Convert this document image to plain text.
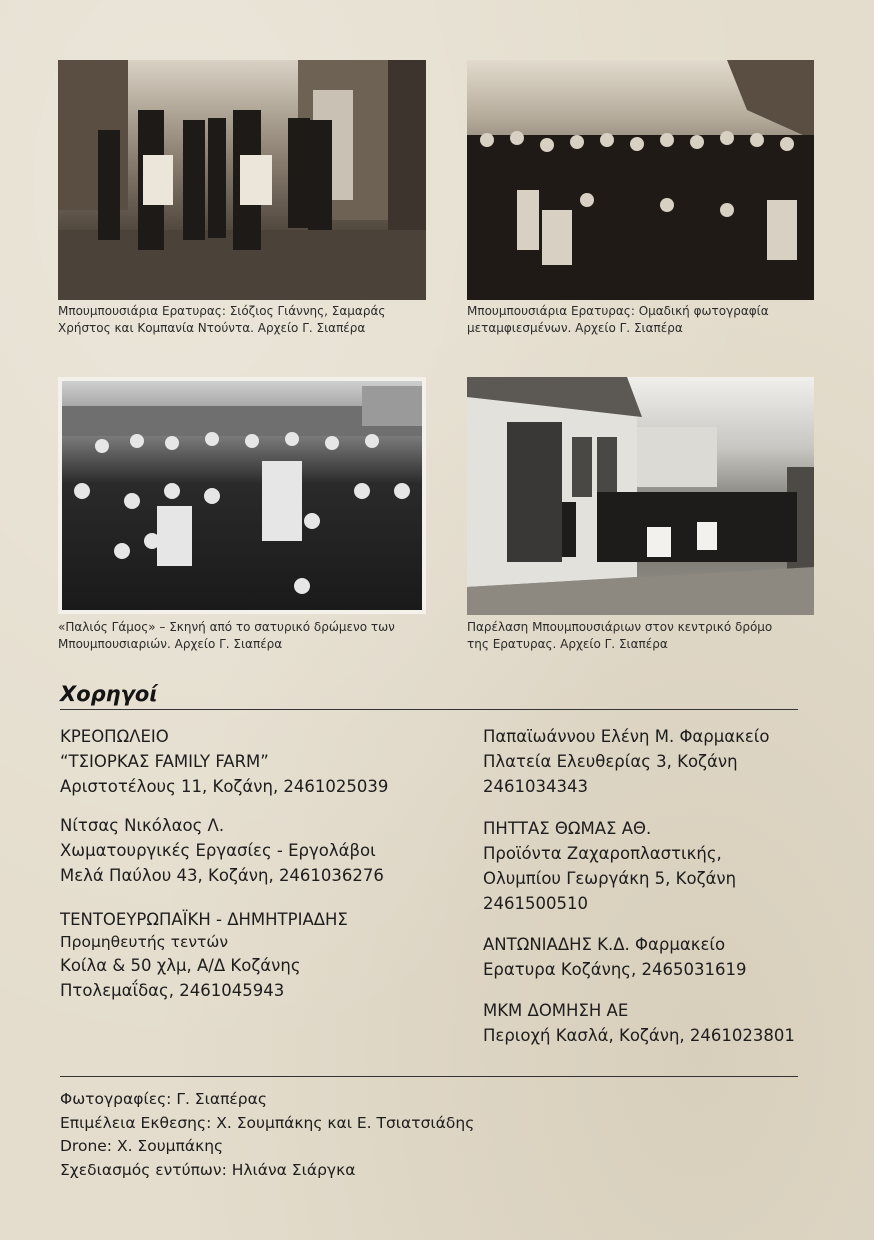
Μπουμπουσιάρια Ερατυρας: Σιόζιος Γιάννης, Σαμαράς
Χρήστος και Κομπανία Ντούντα. Αρχείο Γ. Σιαπέρα
Μπουμπουσιάρια Ερατυρας: Ομαδική φωτογραφία
μεταμφιεσμένων. Αρχείο Γ. Σιαπέρα
«Παλιός Γάμος» – Σκηνή από το σατυρικό δρώμενο των
Μπουμπουσιαριών. Αρχείο Γ. Σιαπέρα
Παρέλαση Μπουμπουσιάριων στον κεντρικό δρόμο
της Ερατυρας. Αρχείο Γ. Σιαπέρα
Χορηγοί
ΚΡΕΟΠΩΛΕΙΟ
“ΤΣΙΟΡΚΑΣ FAMILY FARM”
Αριστοτέλους 11, Κοζάνη, 2461025039
Νίτσας Νικόλαος Λ.
Χωματουργικές Εργασίες - Εργολάβοι
Μελά Παύλου 43, Κοζάνη, 2461036276
ΤΕΝΤΟΕΥΡΩΠΑΪΚΗ - ΔΗΜΗΤΡΙΑΔΗΣ
Προμηθευτής τεντών
Κοίλα & 50 χλμ, Α/Δ Κοζάνης
Πτολεμαΐδας, 2461045943
Παπαϊωάννου Ελένη Μ. Φαρμακείο
Πλατεία Ελευθερίας 3, Κοζάνη
2461034343
ΠΗΤΤΑΣ ΘΩΜΑΣ ΑΘ.
Προϊόντα Ζαχαροπλαστικής,
Ολυμπίου Γεωργάκη 5, Κοζάνη
2461500510
ΑΝΤΩΝΙΑΔΗΣ Κ.Δ. Φαρμακείο
Ερατυρα Κοζάνης, 2465031619
ΜΚΜ ΔΟΜΗΣΗ ΑΕ
Περιοχή Κασλά, Κοζάνη, 2461023801
Φωτογραφίες: Γ. Σιαπέρας
Επιμέλεια Εκθεσης: Χ. Σουμπάκης και Ε. Τσιατσιάδης
Drone: Χ. Σουμπάκης
Σχεδιασμός εντύπων: Ηλιάνα Σιάργκα
